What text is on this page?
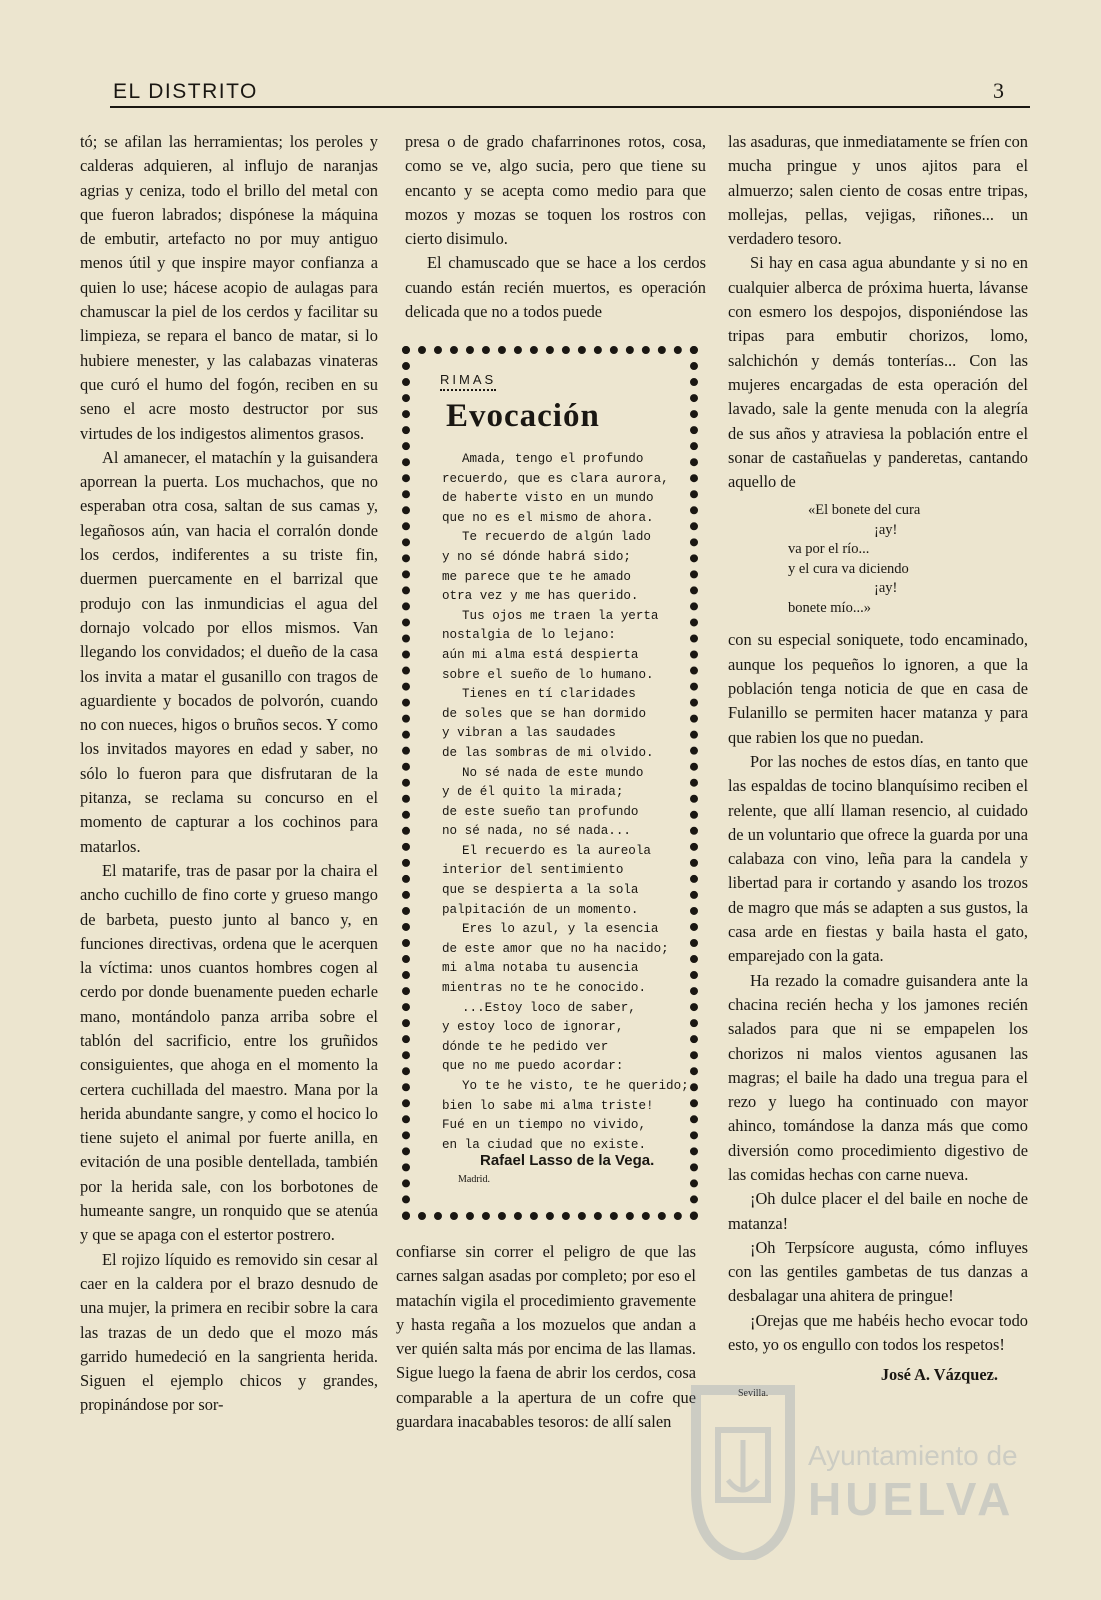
EL DISTRITO	3

tó; se afilan las herramientas; los peroles y calderas adquieren, al influjo de naranjas agrias y ceniza, todo el brillo del metal con que fueron labrados; dispónese la máquina de embutir, artefacto no por muy antiguo menos útil y que inspire mayor confianza a quien lo use; hácese acopio de aulagas para chamuscar la piel de los cerdos y facilitar su limpieza, se repara el banco de matar, si lo hubiere menester, y las calabazas vinateras que curó el humo del fogón, reciben en su seno el acre mosto destructor por sus virtudes de los indigestos alimentos grasos.

Al amanecer, el matachín y la guisandera aporrean la puerta. Los muchachos, que no esperaban otra cosa, saltan de sus camas y, legañosos aún, van hacia el corralón donde los cerdos, indiferentes a su triste fin, duermen puercamente en el barrizal que produjo con las inmundicias el agua del dornajo volcado por ellos mismos. Van llegando los convidados; el dueño de la casa los invita a matar el gusanillo con tragos de aguardiente y bocados de polvorón, cuando no con nueces, higos o bruños secos. Y como los invitados mayores en edad y saber, no sólo lo fueron para que disfrutaran de la pitanza, se reclama su concurso en el momento de capturar a los cochinos para matarlos.

El matarife, tras de pasar por la chaira el ancho cuchillo de fino corte y grueso mango de barbeta, puesto junto al banco y, en funciones directivas, ordena que le acerquen la víctima: unos cuantos hombres cogen al cerdo por donde buenamente pueden echarle mano, montándolo panza arriba sobre el tablón del sacrificio, entre los gruñidos consiguientes, que ahoga en el momento la certera cuchillada del maestro. Mana por la herida abundante sangre, y como el hocico lo tiene sujeto el animal por fuerte anilla, en evitación de una posible dentellada, también por la herida sale, con los borbotones de humeante sangre, un ronquido que se atenúa y que se apaga con el estertor postrero.

El rojizo líquido es removido sin cesar al caer en la caldera por el brazo desnudo de una mujer, la primera en recibir sobre la cara las trazas de un dedo que el mozo más garrido humedeció en la sangrienta herida. Siguen el ejemplo chicos y grandes, propinándose por sor-

presa o de grado chafarrinones rotos, cosa, como se ve, algo sucia, pero que tiene su encanto y se acepta como medio para que mozos y mozas se toquen los rostros con cierto disimulo.

El chamuscado que se hace a los cerdos cuando están recién muertos, es operación delicada que no a todos puede

RIMAS
Evocación
Amada, tengo el profundo
recuerdo, que es clara aurora,
de haberte visto en un mundo
que no es el mismo de ahora.
Te recuerdo de algún lado
y no sé dónde habrá sido;
me parece que te he amado
otra vez y me has querido.
Tus ojos me traen la yerta
nostalgia de lo lejano:
aún mi alma está despierta
sobre el sueño de lo humano.
Tienes en tí claridades
de soles que se han dormido
y vibran a las saudades
de las sombras de mi olvido.
No sé nada de este mundo
y de él quito la mirada;
de este sueño tan profundo
no sé nada, no sé nada...
El recuerdo es la aureola
interior del sentimiento
que se despierta a la sola
palpitación de un momento.
Eres lo azul, y la esencia
de este amor que no ha nacido;
mi alma notaba tu ausencia
mientras no te he conocido.
...Estoy loco de saber,
y estoy loco de ignorar,
dónde te he pedido ver
que no me puedo acordar:
Yo te he visto, te he querido;
bien lo sabe mi alma triste!
Fué en un tiempo no vivido,
en la ciudad que no existe.
Rafael Lasso de la Vega.
Madrid.

confiarse sin correr el peligro de que las carnes salgan asadas por completo; por eso el matachín vigila el procedimiento gravemente y hasta regaña a los mozuelos que andan a ver quién salta más por encima de las llamas. Sigue luego la faena de abrir los cerdos, cosa comparable a la apertura de un cofre que guardara inacabables tesoros: de allí salen

las asaduras, que inmediatamente se fríen con mucha pringue y unos ajitos para el almuerzo; salen ciento de cosas entre tripas, mollejas, pellas, vejigas, riñones... un verdadero tesoro.

Si hay en casa agua abundante y si no en cualquier alberca de próxima huerta, lávanse con esmero los despojos, disponiéndose las tripas para embutir chorizos, lomo, salchichón y demás tonterías... Con las mujeres encargadas de esta operación del lavado, sale la gente menuda con la alegría de sus años y atraviesa la población entre el sonar de castañuelas y panderetas, cantando aquello de

«El bonete del cura
¡ay!
va por el río...
y el cura va diciendo
¡ay!
bonete mío...»

con su especial soniquete, todo encaminado, aunque los pequeños lo ignoren, a que la población tenga noticia de que en casa de Fulanillo se permiten hacer matanza y para que rabien los que no puedan.

Por las noches de estos días, en tanto que las espaldas de tocino blanquísimo reciben el relente, que allí llaman resencio, al cuidado de un voluntario que ofrece la guarda por una calabaza con vino, leña para la candela y libertad para ir cortando y asando los trozos de magro que más se adapten a sus gustos, la casa arde en fiestas y baila hasta el gato, emparejado con la gata.

Ha rezado la comadre guisandera ante la chacina recién hecha y los jamones recién salados para que ni se empapelen los chorizos ni malos vientos agusanen las magras; el baile ha dado una tregua para el rezo y luego ha continuado con mayor ahinco, tomándose la danza más que como diversión como procedimiento digestivo de las comidas hechas con carne nueva.

¡Oh dulce placer el del baile en noche de matanza!

¡Oh Terpsícore augusta, cómo influyes con las gentiles gambetas de tus danzas a desbalagar una ahitera de pringue!

¡Orejas que me habéis hecho evocar todo esto, yo os engullo con todos los respetos!

José A. Vázquez.
Sevilla.
Ayuntamiento de
HUELVA
